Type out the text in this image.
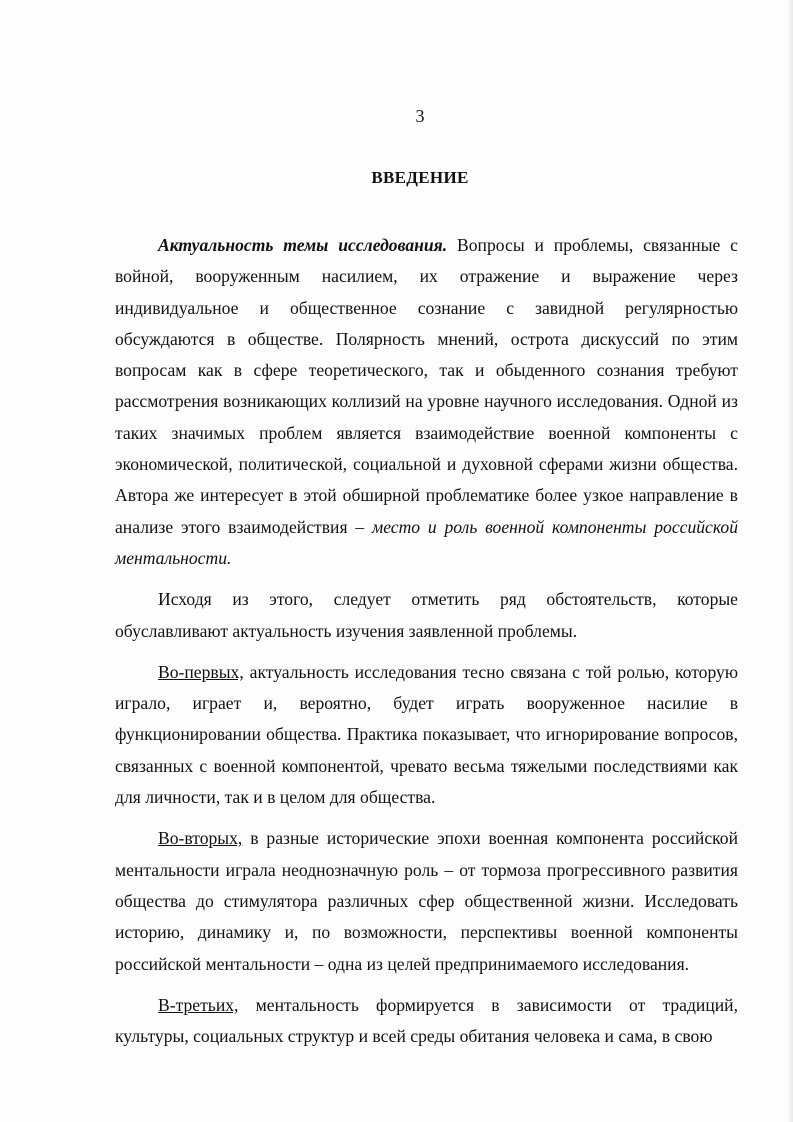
3
ВВЕДЕНИЕ

Актуальность темы исследования. Вопросы и проблемы, связанные с войной, вооруженным насилием, их отражение и выражение через индивидуальное и общественное сознание с завидной регулярностью обсуждаются в обществе. Полярность мнений, острота дискуссий по этим вопросам как в сфере теоретического, так и обыденного сознания требуют рассмотрения возникающих коллизий на уровне научного исследования. Одной из таких значимых проблем является взаимодействие военной компоненты с экономической, политической, социальной и духовной сферами жизни общества. Автора же интересует в этой обширной проблематике более узкое направление в анализе этого взаимодействия – место и роль военной компоненты российской ментальности.

Исходя из этого, следует отметить ряд обстоятельств, которые обуславливают актуальность изучения заявленной проблемы.

Во-первых, актуальность исследования тесно связана с той ролью, которую играло, играет и, вероятно, будет играть вооруженное насилие в функционировании общества. Практика показывает, что игнорирование вопросов, связанных с военной компонентой, чревато весьма тяжелыми последствиями как для личности, так и в целом для общества.

Во-вторых, в разные исторические эпохи военная компонента российской ментальности играла неоднозначную роль – от тормоза прогрессивного развития общества до стимулятора различных сфер общественной жизни. Исследовать историю, динамику и, по возможности, перспективы военной компоненты российской ментальности – одна из целей предпринимаемого исследования.

В-третьих, ментальность формируется в зависимости от традиций, культуры, социальных структур и всей среды обитания человека и сама, в свою
